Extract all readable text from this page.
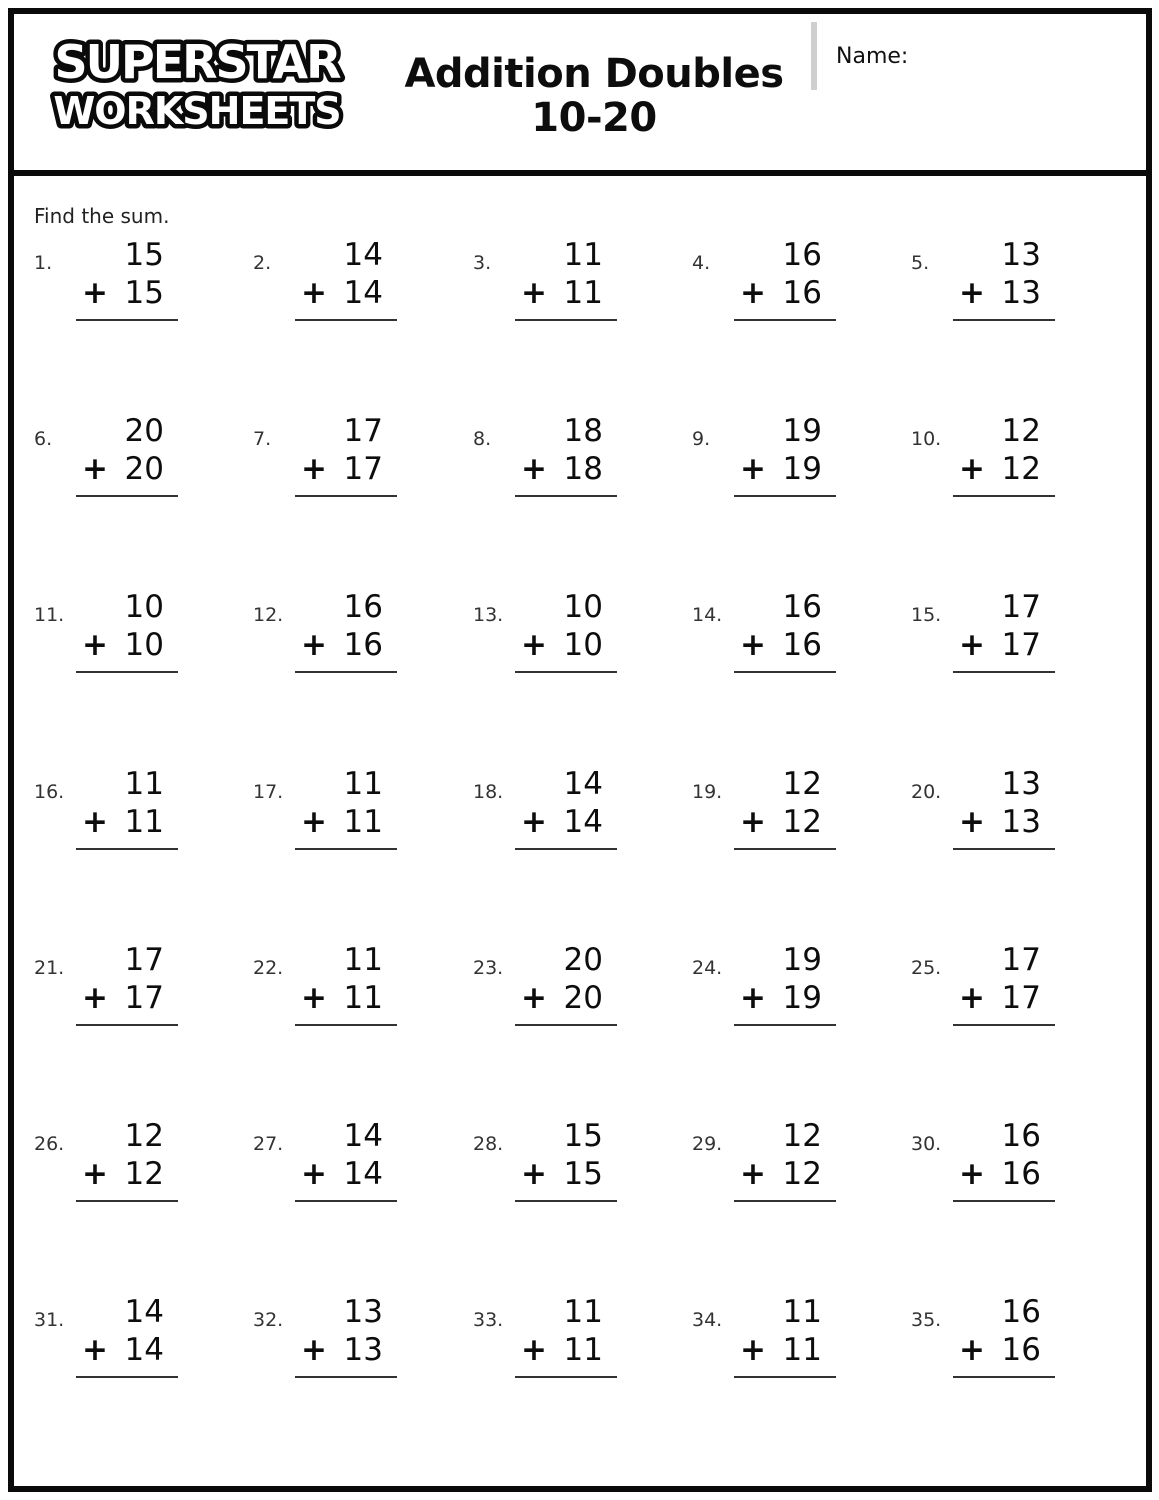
SUPERSTAR
WORKSHEETS
Addition Doubles
10-20
Name:
Find the sum.
1. 15
+ 15
2. 14
+ 14
3. 11
+ 11
4. 16
+ 16
5. 13
+ 13
6. 20
+ 20
7. 17
+ 17
8. 18
+ 18
9. 19
+ 19
10. 12
+ 12
11. 10
+ 10
12. 16
+ 16
13. 10
+ 10
14. 16
+ 16
15. 17
+ 17
16. 11
+ 11
17. 11
+ 11
18. 14
+ 14
19. 12
+ 12
20. 13
+ 13
21. 17
+ 17
22. 11
+ 11
23. 20
+ 20
24. 19
+ 19
25. 17
+ 17
26. 12
+ 12
27. 14
+ 14
28. 15
+ 15
29. 12
+ 12
30. 16
+ 16
31. 14
+ 14
32. 13
+ 13
33. 11
+ 11
34. 11
+ 11
35. 16
+ 16
